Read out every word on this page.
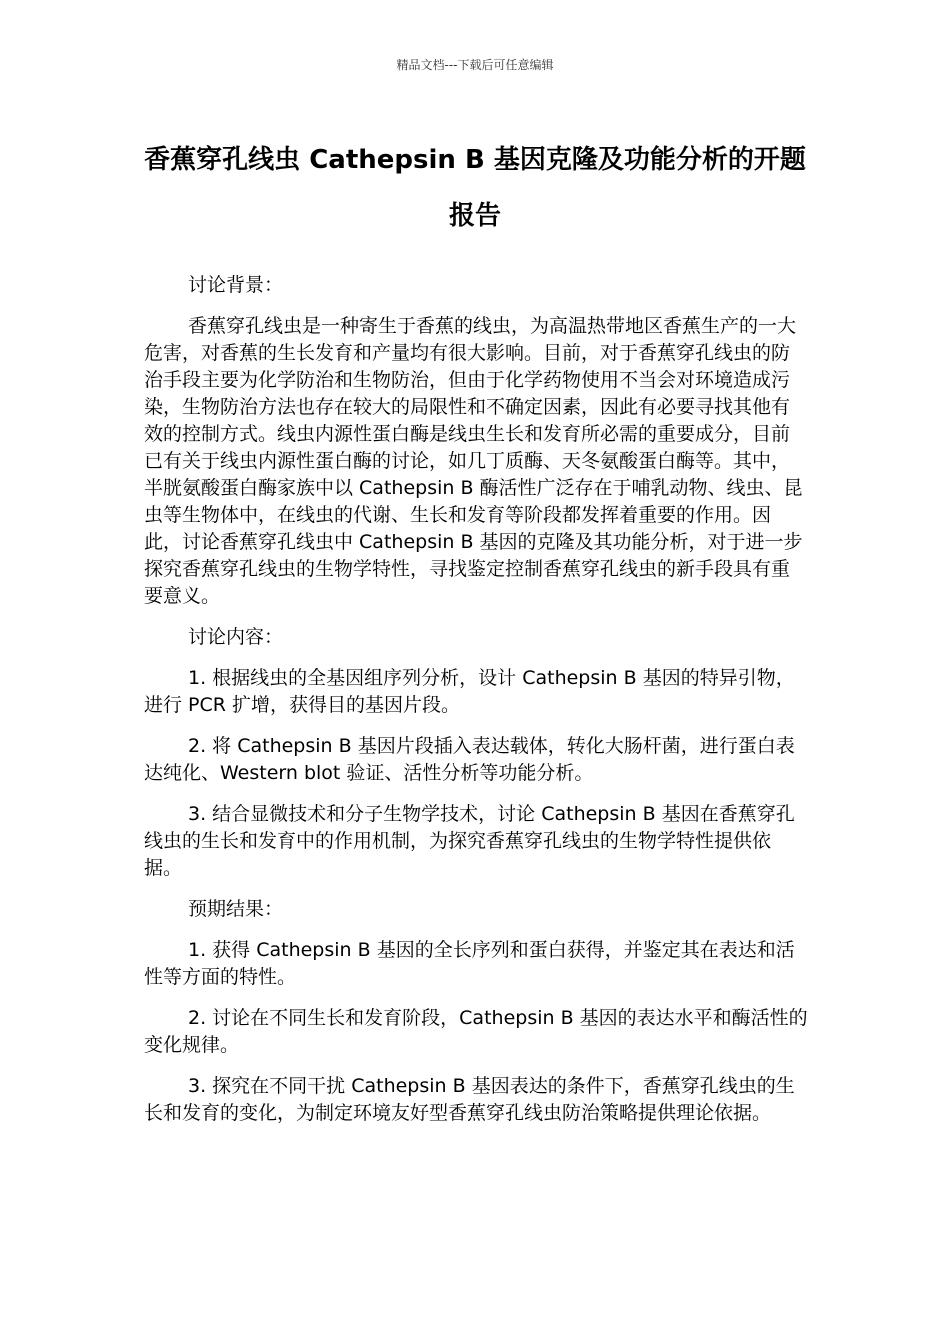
精品文档---下载后可任意编辑
香蕉穿孔线虫 Cathepsin B 基因克隆及功能分析的开题报告

讨论背景：

香蕉穿孔线虫是一种寄生于香蕉的线虫，为高温热带地区香蕉生产的一大危害，对香蕉的生长发育和产量均有很大影响。目前，对于香蕉穿孔线虫的防治手段主要为化学防治和生物防治，但由于化学药物使用不当会对环境造成污染，生物防治方法也存在较大的局限性和不确定因素，因此有必要寻找其他有效的控制方式。线虫内源性蛋白酶是线虫生长和发育所必需的重要成分，目前已有关于线虫内源性蛋白酶的讨论，如几丁质酶、天冬氨酸蛋白酶等。其中，半胱氨酸蛋白酶家族中以 Cathepsin B 酶活性广泛存在于哺乳动物、线虫、昆虫等生物体中，在线虫的代谢、生长和发育等阶段都发挥着重要的作用。因此，讨论香蕉穿孔线虫中 Cathepsin B 基因的克隆及其功能分析，对于进一步探究香蕉穿孔线虫的生物学特性，寻找鉴定控制香蕉穿孔线虫的新手段具有重要意义。

讨论内容：

1. 根据线虫的全基因组序列分析，设计 Cathepsin B 基因的特异引物，进行 PCR 扩增，获得目的基因片段。

2. 将 Cathepsin B 基因片段插入表达载体，转化大肠杆菌，进行蛋白表达纯化、Western blot 验证、活性分析等功能分析。

3. 结合显微技术和分子生物学技术，讨论 Cathepsin B 基因在香蕉穿孔线虫的生长和发育中的作用机制，为探究香蕉穿孔线虫的生物学特性提供依据。

预期结果：

1. 获得 Cathepsin B 基因的全长序列和蛋白获得，并鉴定其在表达和活性等方面的特性。

2. 讨论在不同生长和发育阶段，Cathepsin B 基因的表达水平和酶活性的变化规律。

3. 探究在不同干扰 Cathepsin B 基因表达的条件下，香蕉穿孔线虫的生长和发育的变化，为制定环境友好型香蕉穿孔线虫防治策略提供理论依据。
